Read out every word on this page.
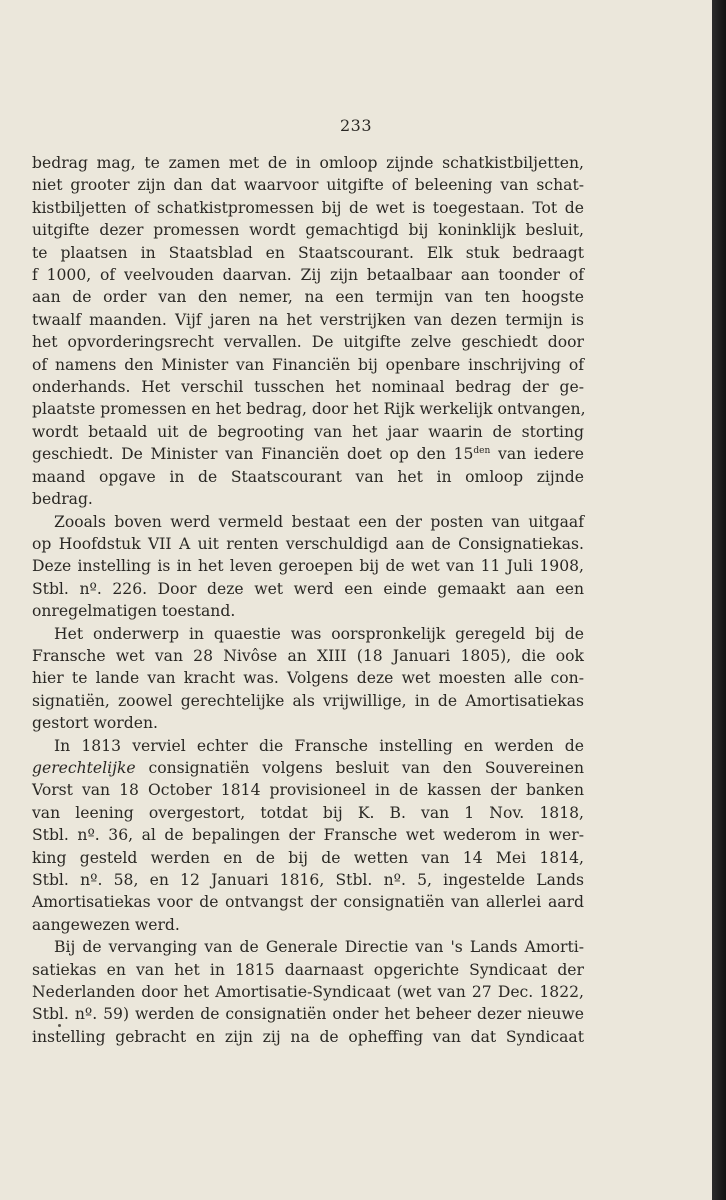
233
bedrag mag, te zamen met de in omloop zijnde schatkistbiljetten,
niet grooter zijn dan dat waarvoor uitgifte of beleening van schat-
kistbiljetten of schatkistpromessen bij de wet is toegestaan. Tot de
uitgifte dezer promessen wordt gemachtigd bij koninklijk besluit,
te plaatsen in Staatsblad en Staatscourant. Elk stuk bedraagt
f 1000, of veelvouden daarvan. Zij zijn betaalbaar aan toonder of
aan de order van den nemer, na een termijn van ten hoogste
twaalf maanden. Vijf jaren na het verstrijken van dezen termijn is
het opvorderingsrecht vervallen. De uitgifte zelve geschiedt door
of namens den Minister van Financiën bij openbare inschrijving of
onderhands. Het verschil tusschen het nominaal bedrag der ge-
plaatste promessen en het bedrag, door het Rijk werkelijk ontvangen,
wordt betaald uit de begrooting van het jaar waarin de storting
geschiedt. De Minister van Financiën doet op den $15^{den}$ van iedere
maand opgave in de Staatscourant van het in omloop zijnde
bedrag.
Zooals boven werd vermeld bestaat een der posten van uitgaaf
op Hoofdstuk VII A uit renten verschuldigd aan de Consignatiekas.
Deze instelling is in het leven geroepen bij de wet van 11 Juli 1908,
Stbl. nº. 226. Door deze wet werd een einde gemaakt aan een
onregelmatigen toestand.
Het onderwerp in quaestie was oorspronkelijk geregeld bij de
Fransche wet van 28 Nivôse an XIII (18 Januari 1805), die ook
hier te lande van kracht was. Volgens deze wet moesten alle con-
signatiën, zoowel gerechtelijke als vrijwillige, in de Amortisatiekas
gestort worden.
In 1813 verviel echter die Fransche instelling en werden de
gerechtelijke consignatiën volgens besluit van den Souvereinen
Vorst van 18 October 1814 provisioneel in de kassen der banken
van leening overgestort, totdat bij K. B. van 1 Nov. 1818,
Stbl. nº. 36, al de bepalingen der Fransche wet wederom in wer-
king gesteld werden en de bij de wetten van 14 Mei 1814,
Stbl. nº. 58, en 12 Januari 1816, Stbl. nº. 5, ingestelde Lands
Amortisatiekas voor de ontvangst der consignatiën van allerlei aard
aangewezen werd.
Bij de vervanging van de Generale Directie van 's Lands Amorti-
satiekas en van het in 1815 daarnaast opgerichte Syndicaat der
Nederlanden door het Amortisatie-Syndicaat (wet van 27 Dec. 1822,
Stbl. nº. 59) werden de consignatiën onder het beheer dezer nieuwe
instelling gebracht en zijn zij na de opheffing van dat Syndicaat
